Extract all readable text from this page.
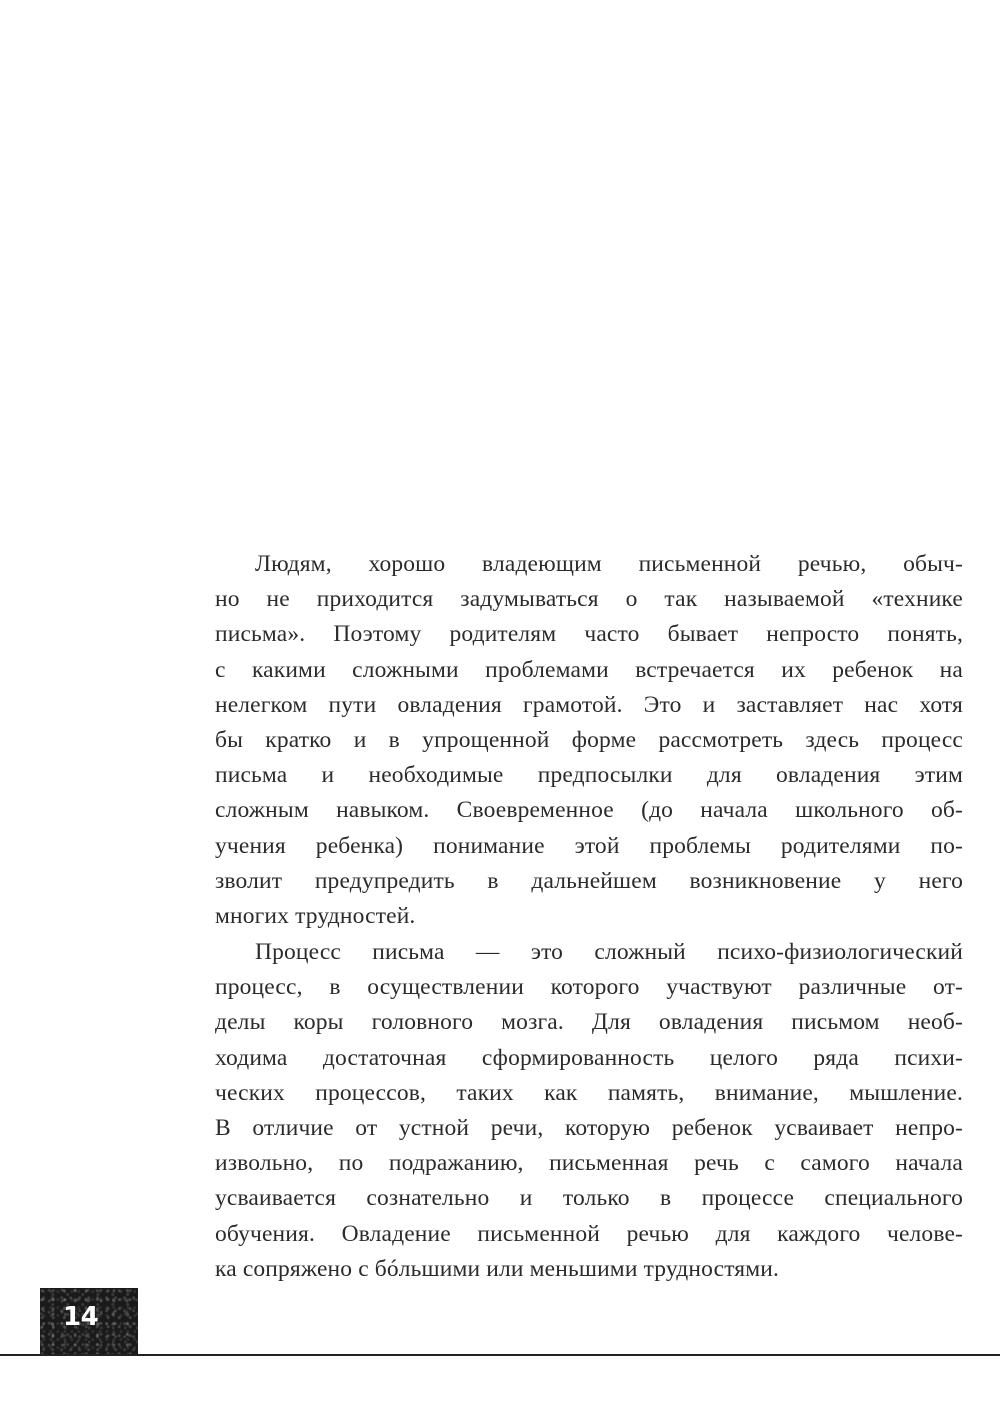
Людям, хорошо владеющим письменной речью, обыч-
но не приходится задумываться о так называемой «технике
письма». Поэтому родителям часто бывает непросто понять,
с какими сложными проблемами встречается их ребенок на
нелегком пути овладения грамотой. Это и заставляет нас хотя
бы кратко и в упрощенной форме рассмотреть здесь процесс
письма и необходимые предпосылки для овладения этим
сложным навыком. Своевременное (до начала школьного об-
учения ребенка) понимание этой проблемы родителями по-
зволит предупредить в дальнейшем возникновение у него
многих трудностей.
Процесс письма — это сложный психо-физиологический
процесс, в осуществлении которого участвуют различные от-
делы коры головного мозга. Для овладения письмом необ-
ходима достаточная сформированность целого ряда психи-
ческих процессов, таких как память, внимание, мышление.
В отличие от устной речи, которую ребенок усваивает непро-
извольно, по подражанию, письменная речь с самого начала
усваивается сознательно и только в процессе специального
обучения. Овладение письменной речью для каждого челове-
ка сопряжено с бóльшими или меньшими трудностями.
14
